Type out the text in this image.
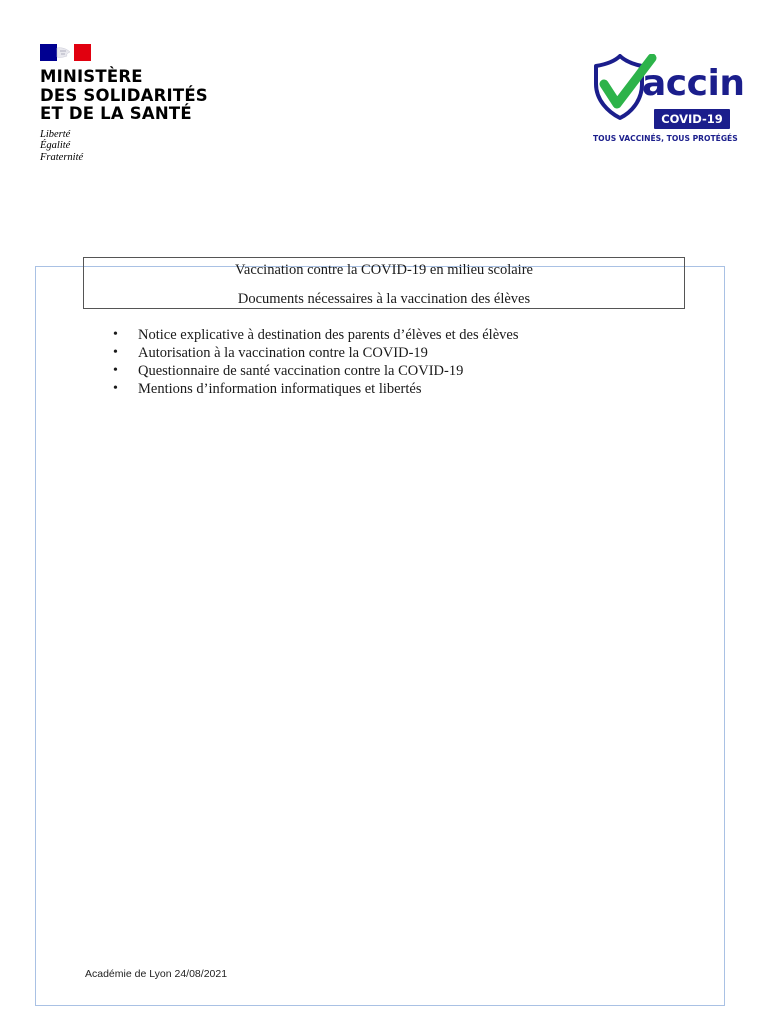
MINISTÈRE
DES SOLIDARITÉS
ET DE LA SANTÉ
Liberté
Égalité
Fraternité
accin
COVID-19
TOUS VACCINÉS, TOUS PROTÉGÉS
Vaccination contre la COVID-19 en milieu scolaire
Documents nécessaires à la vaccination des élèves
• Notice explicative à destination des parents d’élèves et des élèves
• Autorisation à la vaccination contre la COVID-19
• Questionnaire de santé vaccination contre la COVID-19
• Mentions d’information informatiques et libertés
Académie de Lyon 24/08/2021
